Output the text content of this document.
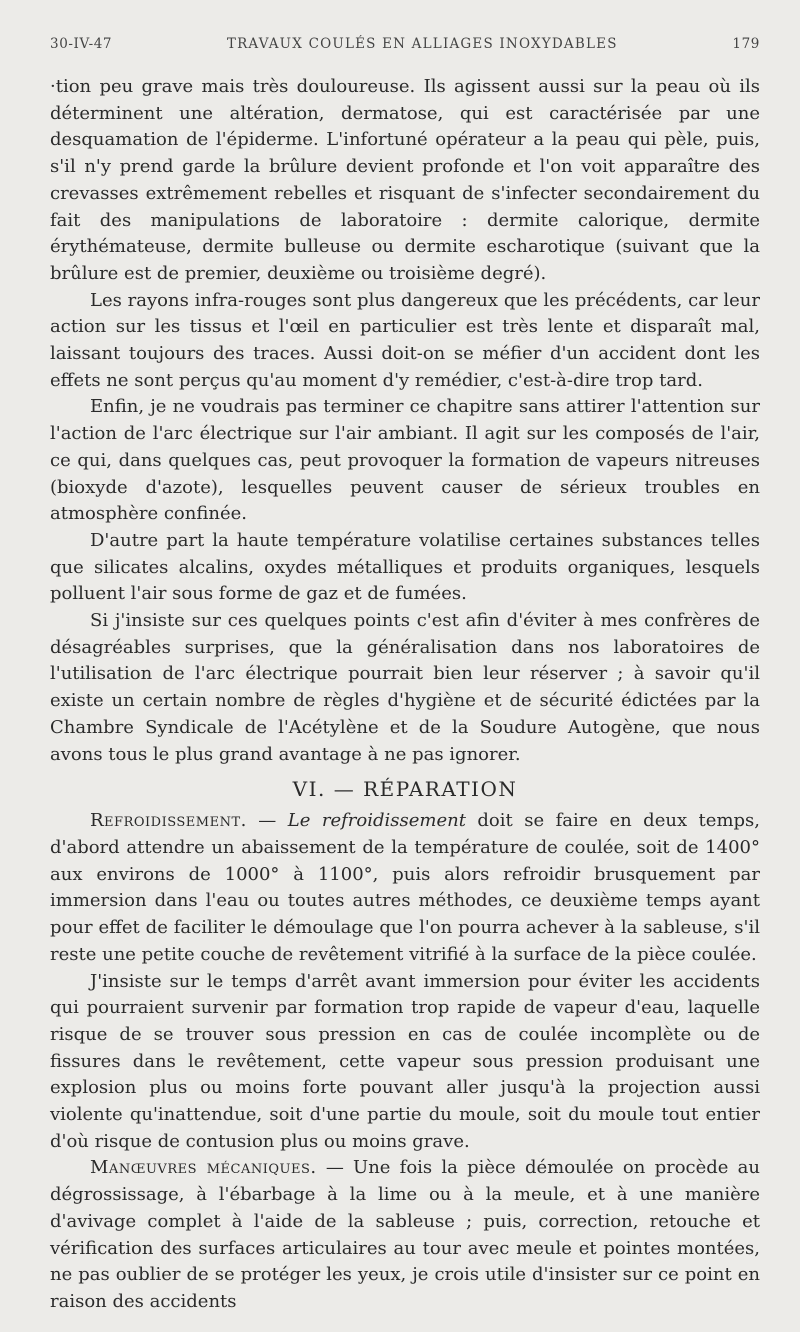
30-IV-47	TRAVAUX COULÉS EN ALLIAGES INOXYDABLES	179

·tion peu grave mais très douloureuse. Ils agissent aussi sur la peau où ils déterminent une altération, dermatose, qui est caractérisée par une desquamation de l'épiderme. L'infortuné opérateur a la peau qui pèle, puis, s'il n'y prend garde la brûlure devient profonde et l'on voit apparaître des crevasses extrêmement rebelles et risquant de s'infecter secondairement du fait des manipulations de laboratoire : dermite calorique, dermite érythémateuse, dermite bulleuse ou dermite escharotique (suivant que la brûlure est de premier, deuxième ou troisième degré).

Les rayons infra-rouges sont plus dangereux que les précédents, car leur action sur les tissus et l'œil en particulier est très lente et disparaît mal, laissant toujours des traces. Aussi doit-on se méfier d'un accident dont les effets ne sont perçus qu'au moment d'y remédier, c'est-à-dire trop tard.

Enfin, je ne voudrais pas terminer ce chapitre sans attirer l'attention sur l'action de l'arc électrique sur l'air ambiant. Il agit sur les composés de l'air, ce qui, dans quelques cas, peut provoquer la formation de vapeurs nitreuses (bioxyde d'azote), lesquelles peuvent causer de sérieux troubles en atmosphère confinée.

D'autre part la haute température volatilise certaines substances telles que silicates alcalins, oxydes métalliques et produits organiques, lesquels polluent l'air sous forme de gaz et de fumées.

Si j'insiste sur ces quelques points c'est afin d'éviter à mes confrères de désagréables surprises, que la généralisation dans nos laboratoires de l'utilisation de l'arc électrique pourrait bien leur réserver ; à savoir qu'il existe un certain nombre de règles d'hygiène et de sécurité édictées par la Chambre Syndicale de l'Acétylène et de la Soudure Autogène, que nous avons tous le plus grand avantage à ne pas ignorer.

VI. — RÉPARATION

Refroidissement. — Le refroidissement doit se faire en deux temps, d'abord attendre un abaissement de la température de coulée, soit de 1400° aux environs de 1000° à 1100°, puis alors refroidir brusquement par immersion dans l'eau ou toutes autres méthodes, ce deuxième temps ayant pour effet de faciliter le démoulage que l'on pourra achever à la sableuse, s'il reste une petite couche de revêtement vitrifié à la surface de la pièce coulée.

J'insiste sur le temps d'arrêt avant immersion pour éviter les accidents qui pourraient survenir par formation trop rapide de vapeur d'eau, laquelle risque de se trouver sous pression en cas de coulée incomplète ou de fissures dans le revêtement, cette vapeur sous pression produisant une explosion plus ou moins forte pouvant aller jusqu'à la projection aussi violente qu'inattendue, soit d'une partie du moule, soit du moule tout entier d'où risque de contusion plus ou moins grave.

Manœuvres mécaniques. — Une fois la pièce démoulée on procède au dégrossissage, à l'ébarbage à la lime ou à la meule, et à une manière d'avivage complet à l'aide de la sableuse ; puis, correction, retouche et vérification des surfaces articulaires au tour avec meule et pointes montées, ne pas oublier de se protéger les yeux, je crois utile d'insister sur ce point en raison des accidents
